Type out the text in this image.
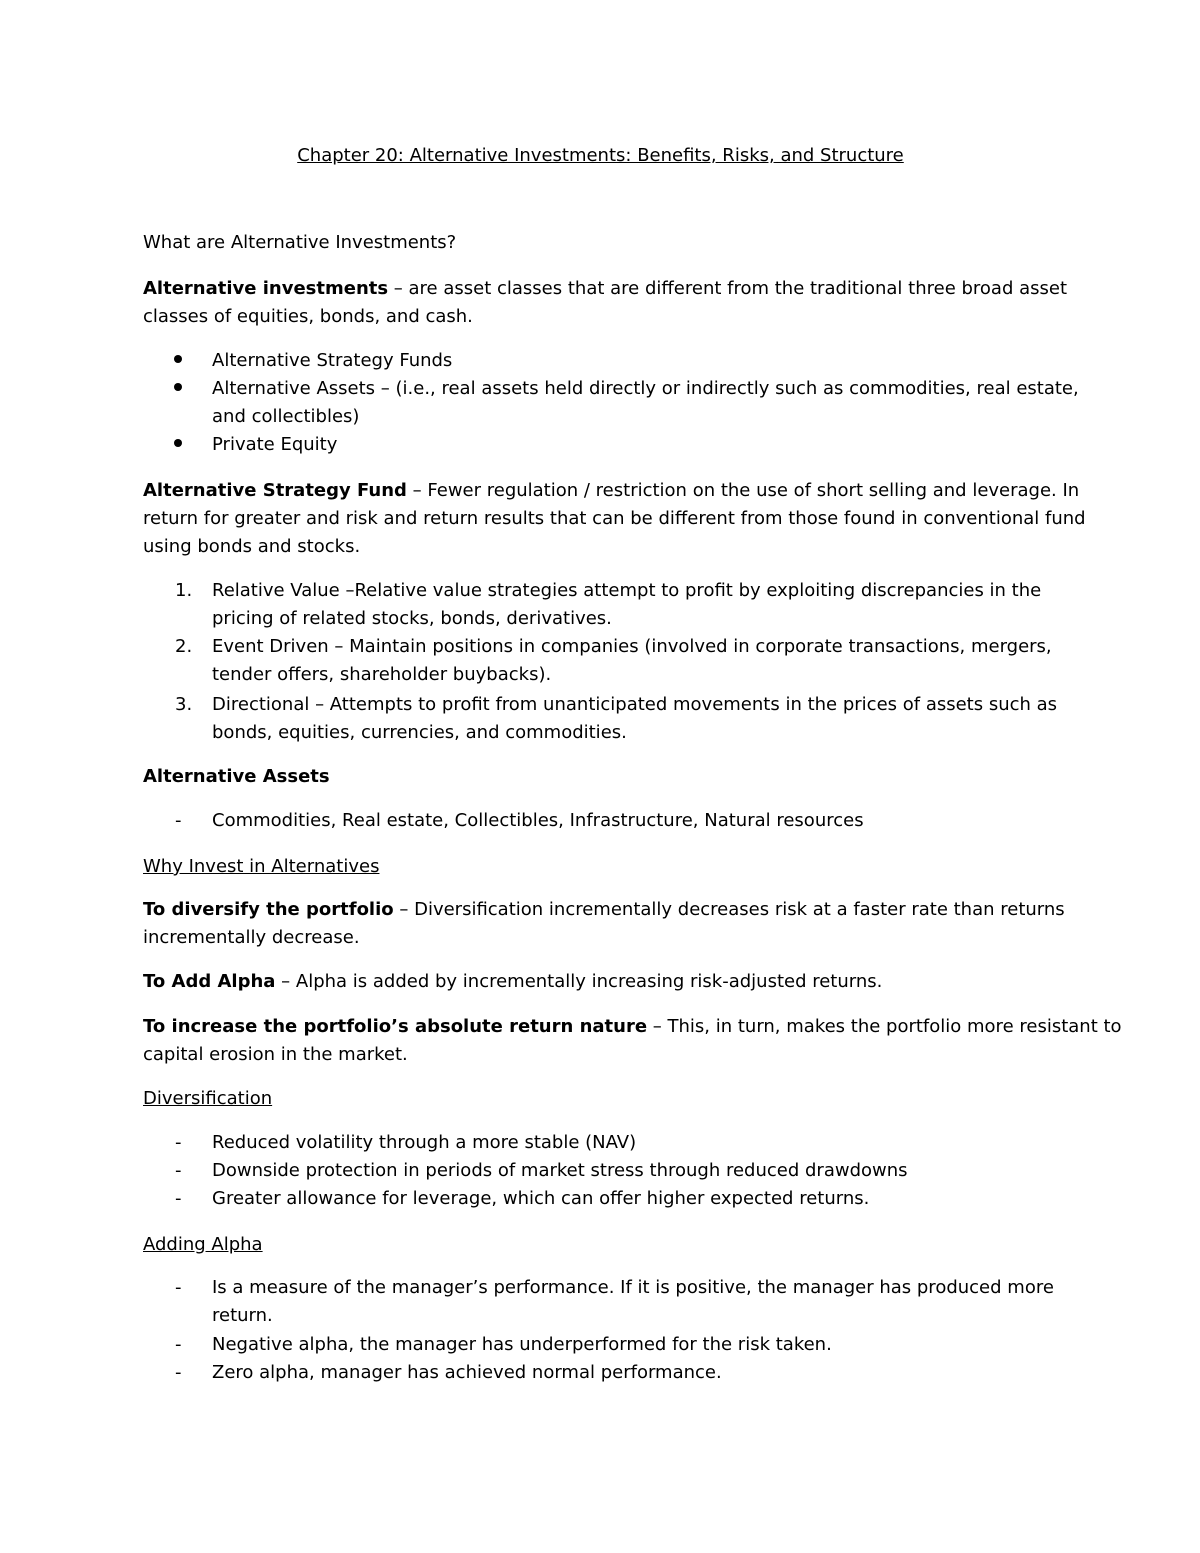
Chapter 20: Alternative Investments: Benefits, Risks, and Structure
What are Alternative Investments?
Alternative investments – are asset classes that are different from the traditional three broad asset
classes of equities, bonds, and cash.
Alternative Strategy Funds
Alternative Assets – (i.e., real assets held directly or indirectly such as commodities, real estate,
and collectibles)
Private Equity
Alternative Strategy Fund – Fewer regulation / restriction on the use of short selling and leverage. In
return for greater and risk and return results that can be different from those found in conventional fund
using bonds and stocks.
1. Relative Value –Relative value strategies attempt to profit by exploiting discrepancies in the
pricing of related stocks, bonds, derivatives.
2. Event Driven – Maintain positions in companies (involved in corporate transactions, mergers,
tender offers, shareholder buybacks).
3. Directional – Attempts to profit from unanticipated movements in the prices of assets such as
bonds, equities, currencies, and commodities.
Alternative Assets
- Commodities, Real estate, Collectibles, Infrastructure, Natural resources
Why Invest in Alternatives
To diversify the portfolio – Diversification incrementally decreases risk at a faster rate than returns
incrementally decrease.
To Add Alpha – Alpha is added by incrementally increasing risk-adjusted returns.
To increase the portfolio’s absolute return nature – This, in turn, makes the portfolio more resistant to
capital erosion in the market.
Diversification
- Reduced volatility through a more stable (NAV)
- Downside protection in periods of market stress through reduced drawdowns
- Greater allowance for leverage, which can offer higher expected returns.
Adding Alpha
- Is a measure of the manager’s performance. If it is positive, the manager has produced more
return.
- Negative alpha, the manager has underperformed for the risk taken.
- Zero alpha, manager has achieved normal performance.
